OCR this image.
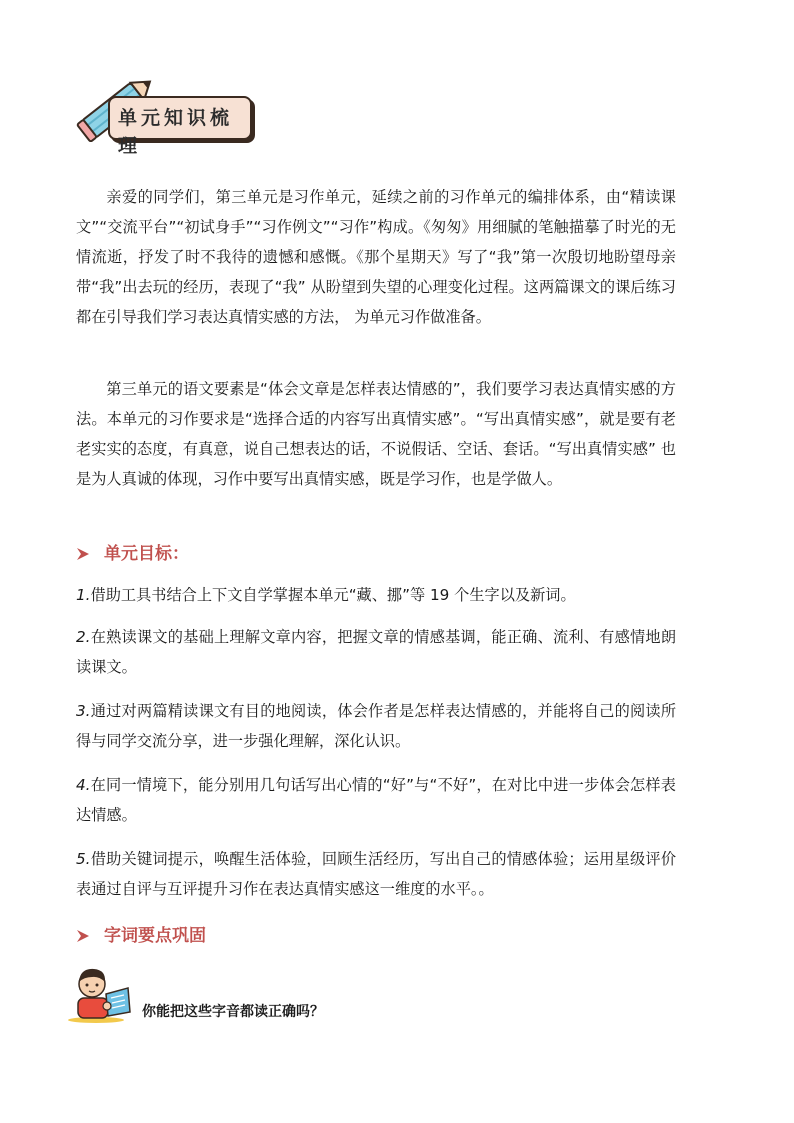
单元知识梳理

亲爱的同学们，第三单元是习作单元，延续之前的习作单元的编排体系，由“精读课文”“交流平台”“初试身手”“习作例文”“习作”构成。《匆匆》用细腻的笔触描摹了时光的无情流逝，抒发了时不我待的遗憾和感慨。《那个星期天》写了“我”第一次殷切地盼望母亲带“我”出去玩的经历，表现了“我” 从盼望到失望的心理变化过程。这两篇课文的课后练习都在引导我们学习表达真情实感的方法， 为单元习作做准备。

第三单元的语文要素是“体会文章是怎样表达情感的”，我们要学习表达真情实感的方法。本单元的习作要求是“选择合适的内容写出真情实感”。“写出真情实感”，就是要有老老实实的态度，有真意，说自己想表达的话，不说假话、空话、套话。“写出真情实感” 也是为人真诚的体现，习作中要写出真情实感，既是学习作，也是学做人。

单元目标：

1.借助工具书结合上下文自学掌握本单元“藏、挪”等 19 个生字以及新词。

2.在熟读课文的基础上理解文章内容，把握文章的情感基调，能正确、流利、有感情地朗读课文。

3.通过对两篇精读课文有目的地阅读，体会作者是怎样表达情感的，并能将自己的阅读所得与同学交流分享，进一步强化理解，深化认识。

4.在同一情境下，能分别用几句话写出心情的“好”与“不好”，在对比中进一步体会怎样表达情感。

5.借助关键词提示，唤醒生活体验，回顾生活经历，写出自己的情感体验；运用星级评价表通过自评与互评提升习作在表达真情实感这一维度的水平。。

字词要点巩固
你能把这些字音都读正确吗？
